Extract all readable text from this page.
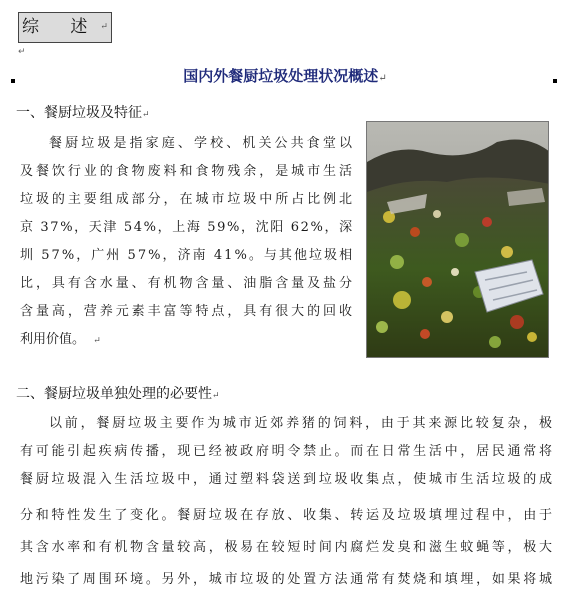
综 述↵
↵
国内外餐厨垃圾处理状况概述↵
一、餐厨垃圾及特征↵
餐厨垃圾是指家庭、学校、机关公共食堂以
及餐饮行业的食物废料和食物残余，是城市生活
垃圾的主要组成部分，在城市垃圾中所占比例北
京 37%，天津 54%，上海 59%，沈阳 62%，深
圳 57%，广州 57%，济南 41%。与其他垃圾相
比，具有含水量、有机物含量、油脂含量及盐分
含量高，营养元素丰富等特点，具有很大的回收
利用价值。 ↵
二、餐厨垃圾单独处理的必要性↵
以前，餐厨垃圾主要作为城市近郊养猪的饲料，由于其来源比较复杂，极
有可能引起疾病传播，现已经被政府明令禁止。而在日常生活中，居民通常将
餐厨垃圾混入生活垃圾中，通过塑料袋送到垃圾收集点，使城市生活垃圾的成
分和特性发生了变化。餐厨垃圾在存放、收集、转运及垃圾填埋过程中，由于
其含水率和有机物含量较高，极易在较短时间内腐烂发臭和滋生蚊蝇等，极大
地污染了周围环境。另外，城市垃圾的处置方法通常有焚烧和填埋，如果将城
